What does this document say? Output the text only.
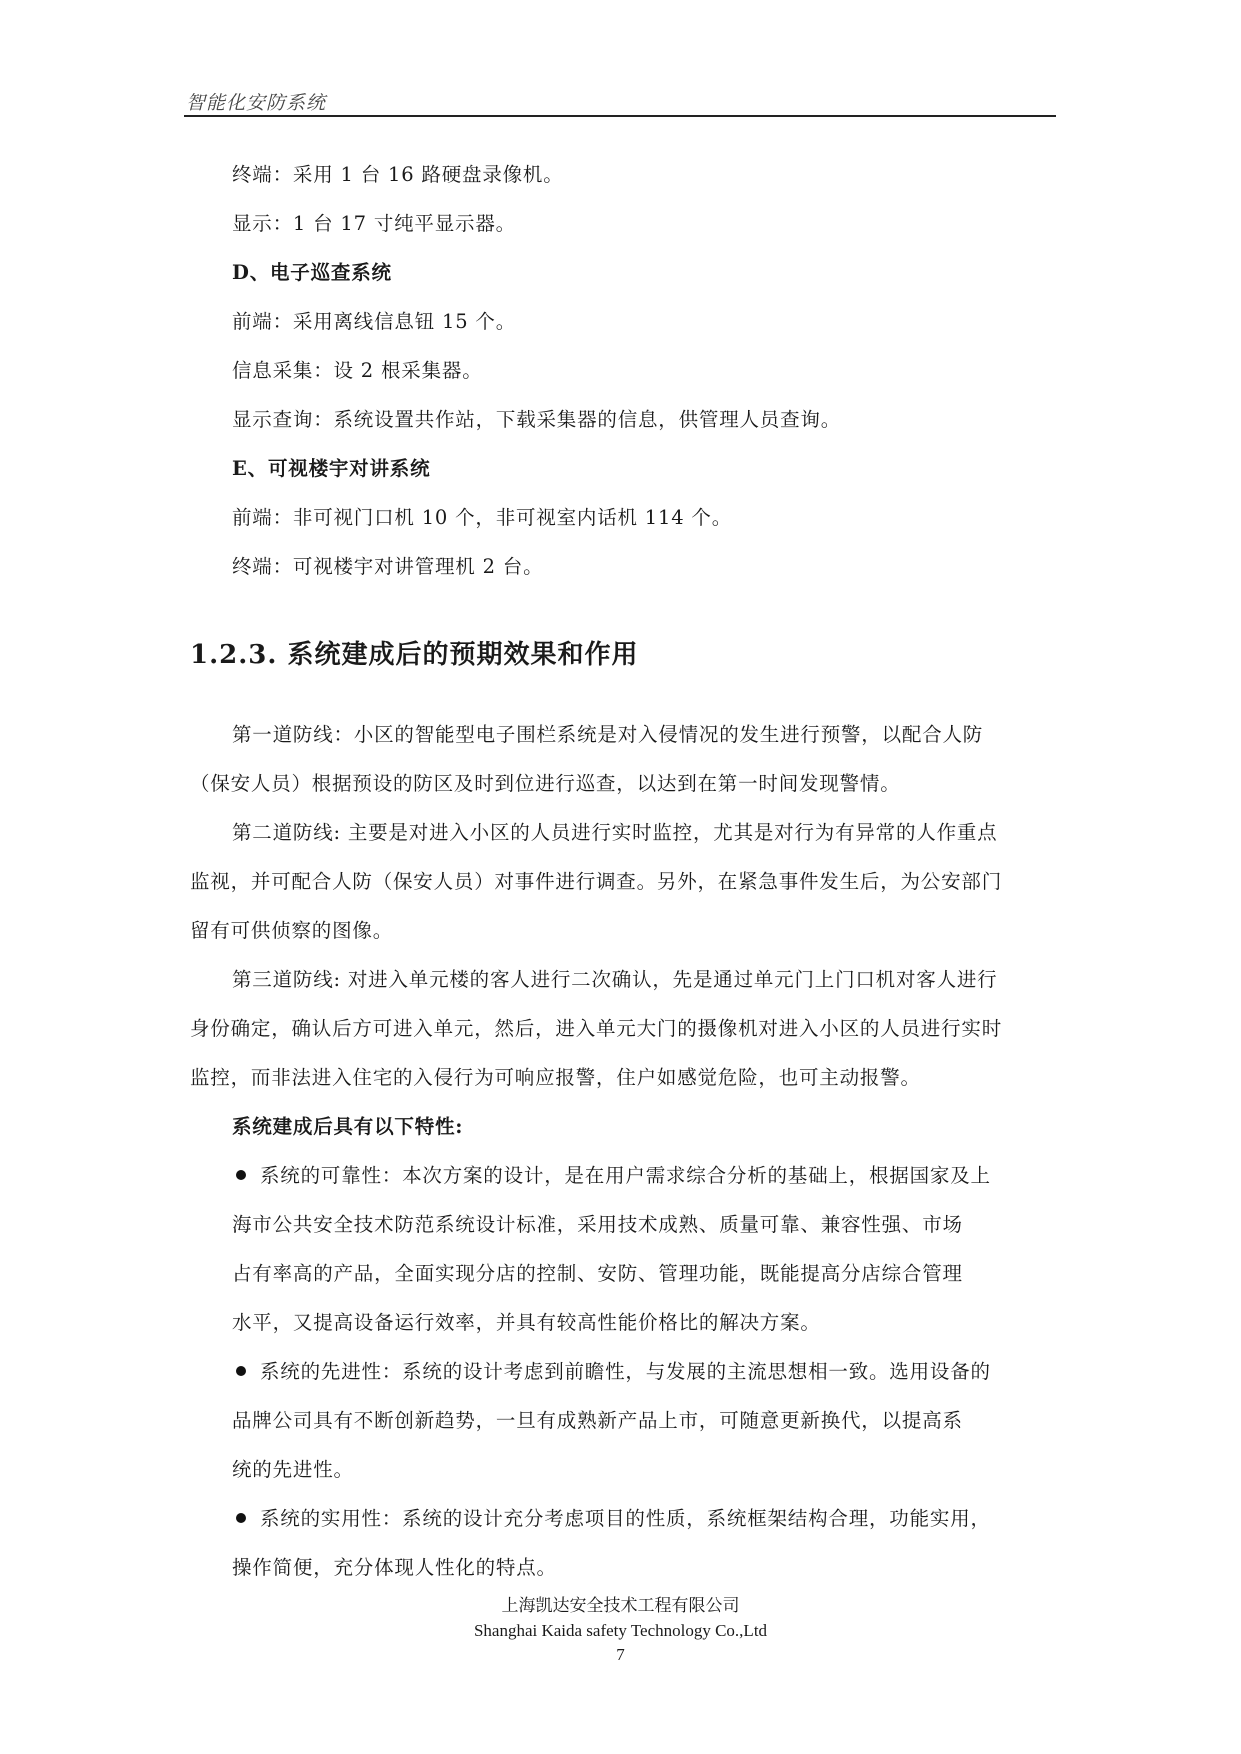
智能化安防系统
终端：采用 1 台 16 路硬盘录像机。
显示：1 台 17 寸纯平显示器。
D、电子巡查系统
前端：采用离线信息钮 15 个。
信息采集：设 2 根采集器。
显示查询：系统设置共作站，下载采集器的信息，供管理人员查询。
E、可视楼宇对讲系统
前端：非可视门口机 10 个，非可视室内话机 114 个。
终端：可视楼宇对讲管理机 2 台。
1.2.3. 系统建成后的预期效果和作用
第一道防线：小区的智能型电子围栏系统是对入侵情况的发生进行预警，以配合人防
（保安人员）根据预设的防区及时到位进行巡查，以达到在第一时间发现警情。
第二道防线: 主要是对进入小区的人员进行实时监控，尤其是对行为有异常的人作重点
监视，并可配合人防（保安人员）对事件进行调查。另外，在紧急事件发生后，为公安部门
留有可供侦察的图像。
第三道防线: 对进入单元楼的客人进行二次确认，先是通过单元门上门口机对客人进行
身份确定，确认后方可进入单元，然后，进入单元大门的摄像机对进入小区的人员进行实时
监控，而非法进入住宅的入侵行为可响应报警，住户如感觉危险，也可主动报警。
系统建成后具有以下特性:
系统的可靠性：本次方案的设计，是在用户需求综合分析的基础上，根据国家及上
海市公共安全技术防范系统设计标准，采用技术成熟、质量可靠、兼容性强、市场
占有率高的产品，全面实现分店的控制、安防、管理功能，既能提高分店综合管理
水平，又提高设备运行效率，并具有较高性能价格比的解决方案。
系统的先进性：系统的设计考虑到前瞻性，与发展的主流思想相一致。选用设备的
品牌公司具有不断创新趋势，一旦有成熟新产品上市，可随意更新换代，以提高系
统的先进性。
系统的实用性：系统的设计充分考虑项目的性质，系统框架结构合理，功能实用，
操作简便，充分体现人性化的特点。
上海凯达安全技术工程有限公司
Shanghai Kaida safety Technology Co.,Ltd
7
